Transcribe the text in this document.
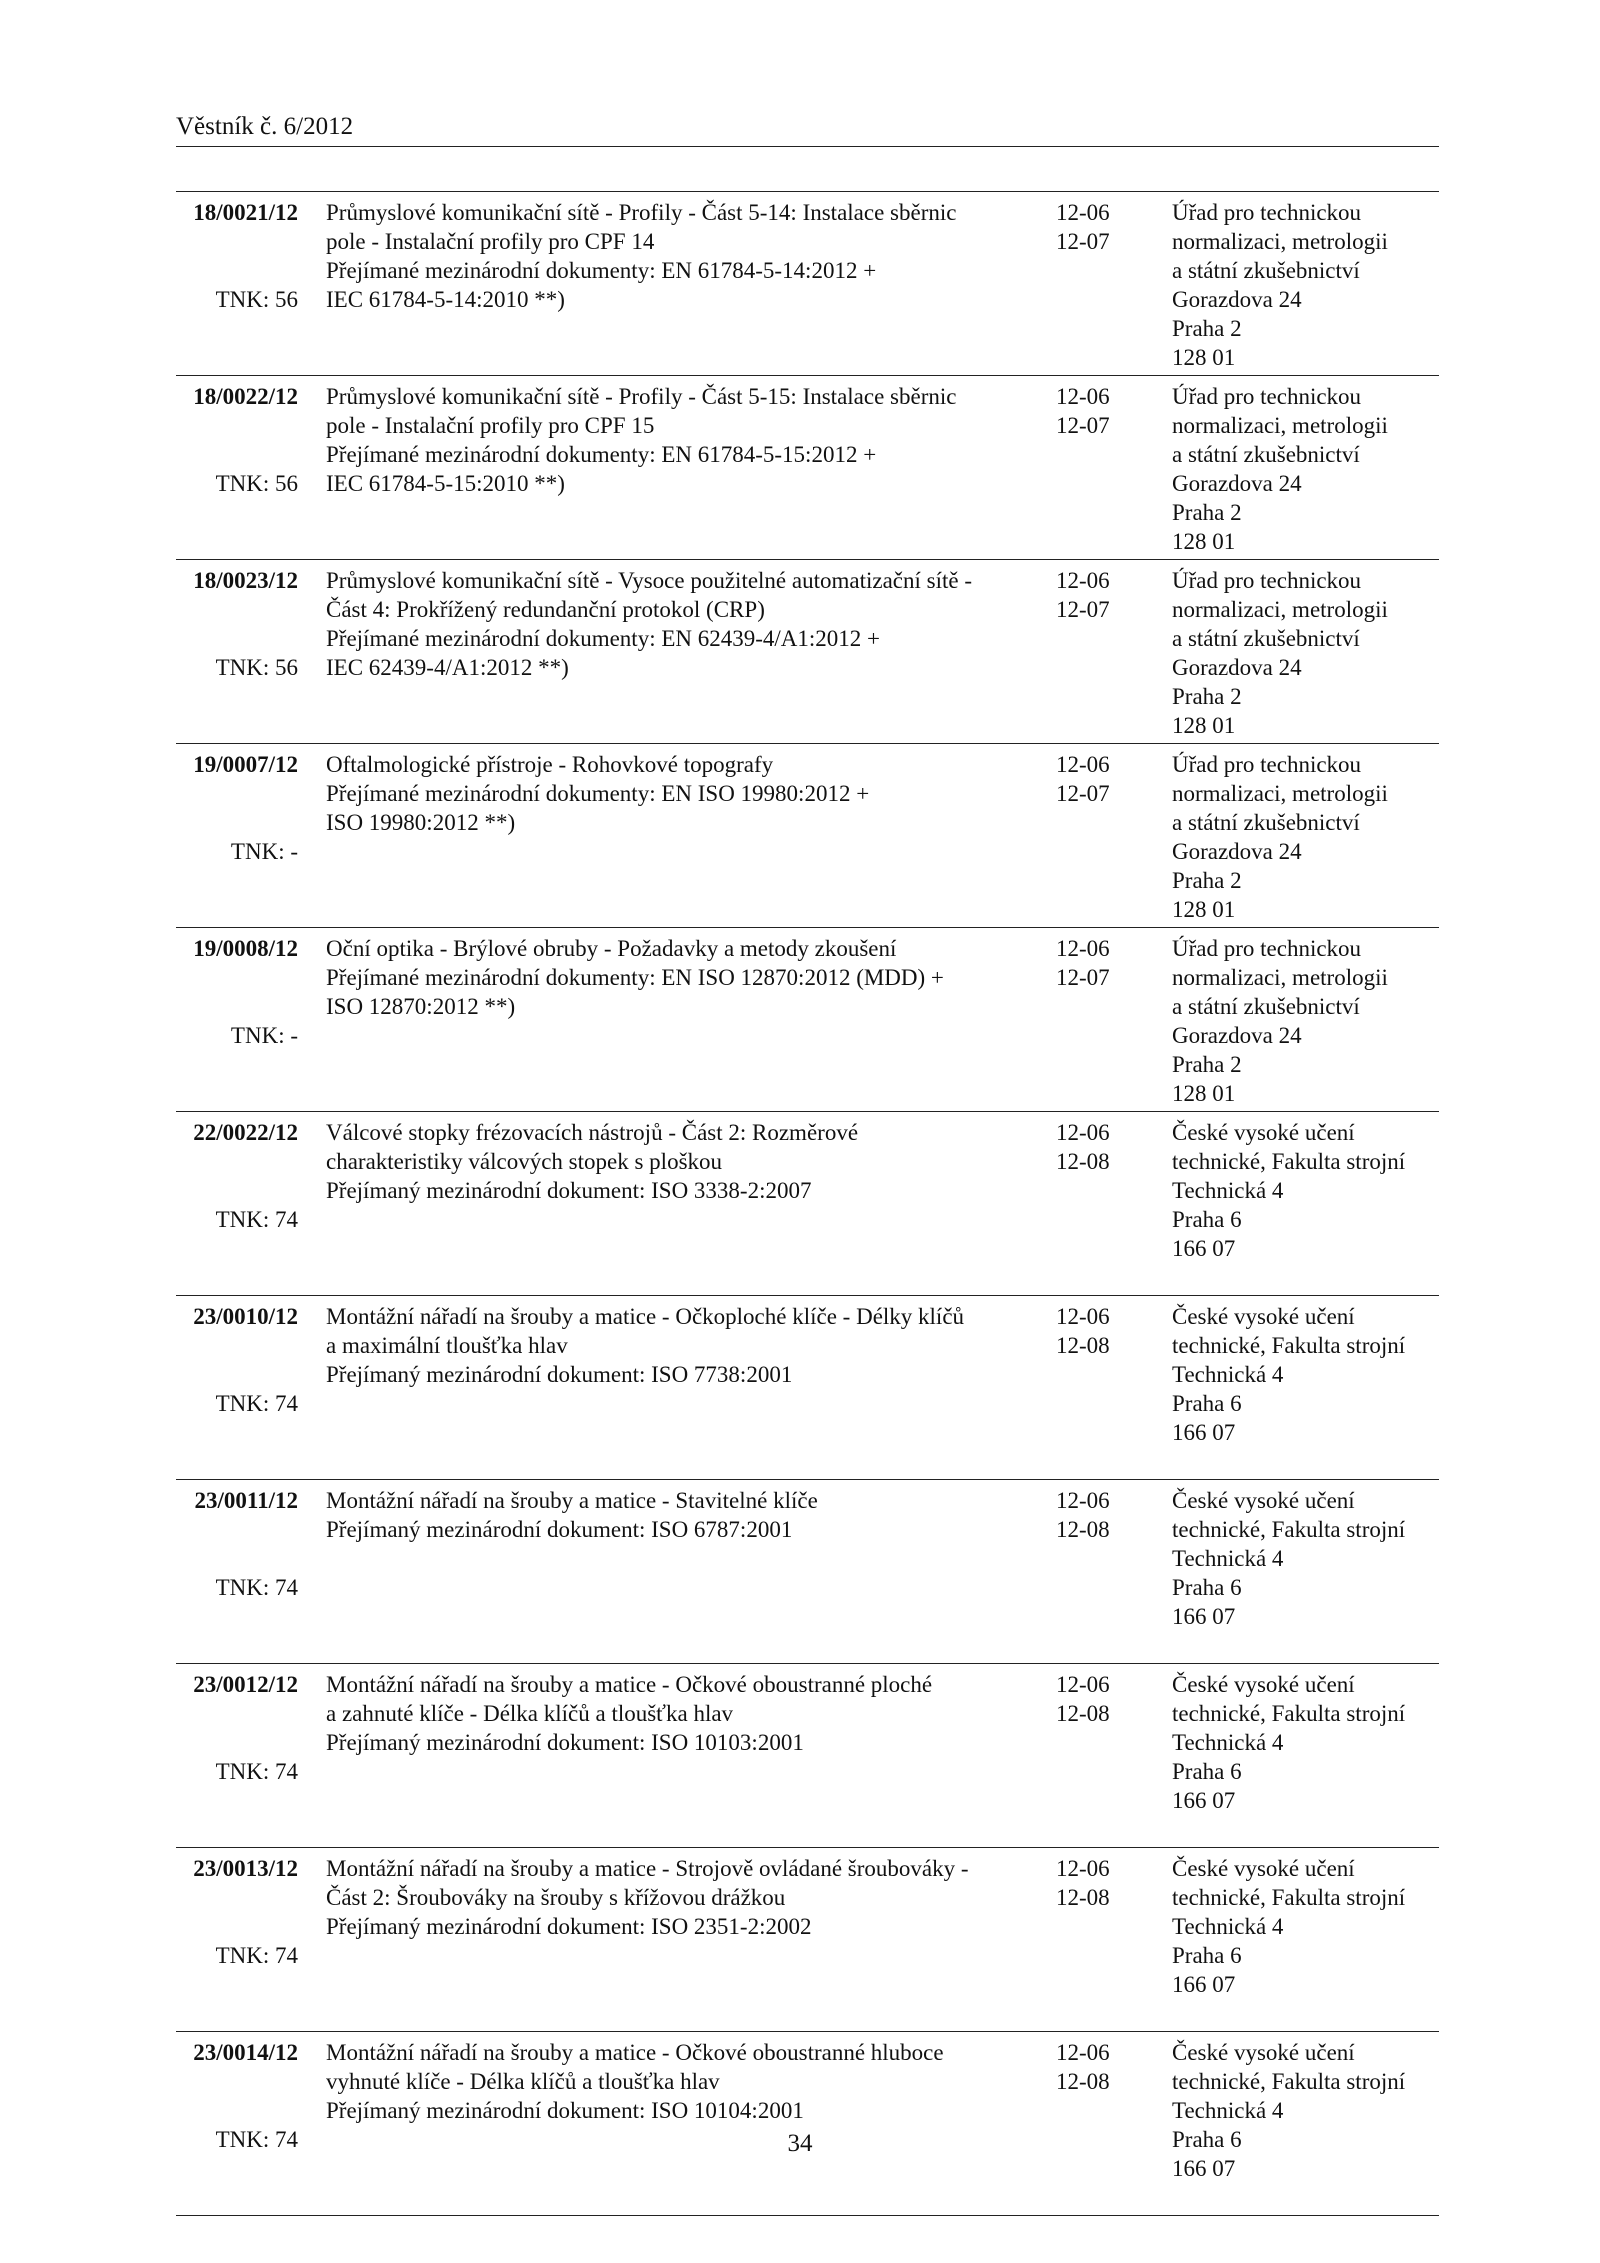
Věstník č. 6/2012
18/0021/12
TNK: 56
Průmyslové komunikační sítě - Profily - Část 5-14: Instalace sběrnic
pole - Instalační profily pro CPF 14
Přejímané mezinárodní dokumenty: EN 61784-5-14:2012 +
IEC 61784-5-14:2010 **)
12-06
12-07
Úřad pro technickou
normalizaci, metrologii
a státní zkušebnictví
Gorazdova 24
Praha 2
128 01
18/0022/12
TNK: 56
Průmyslové komunikační sítě - Profily - Část 5-15: Instalace sběrnic
pole - Instalační profily pro CPF 15
Přejímané mezinárodní dokumenty: EN 61784-5-15:2012 +
IEC 61784-5-15:2010 **)
12-06
12-07
Úřad pro technickou
normalizaci, metrologii
a státní zkušebnictví
Gorazdova 24
Praha 2
128 01
18/0023/12
TNK: 56
Průmyslové komunikační sítě - Vysoce použitelné automatizační sítě -
Část 4: Prokřížený redundanční protokol (CRP)
Přejímané mezinárodní dokumenty: EN 62439-4/A1:2012 +
IEC 62439-4/A1:2012 **)
12-06
12-07
Úřad pro technickou
normalizaci, metrologii
a státní zkušebnictví
Gorazdova 24
Praha 2
128 01
19/0007/12
TNK: -
Oftalmologické přístroje - Rohovkové topografy
Přejímané mezinárodní dokumenty: EN ISO 19980:2012 +
ISO 19980:2012 **)
12-06
12-07
Úřad pro technickou
normalizaci, metrologii
a státní zkušebnictví
Gorazdova 24
Praha 2
128 01
19/0008/12
TNK: -
Oční optika - Brýlové obruby - Požadavky a metody zkoušení
Přejímané mezinárodní dokumenty: EN ISO 12870:2012 (MDD) +
ISO 12870:2012 **)
12-06
12-07
Úřad pro technickou
normalizaci, metrologii
a státní zkušebnictví
Gorazdova 24
Praha 2
128 01
22/0022/12
TNK: 74
Válcové stopky frézovacích nástrojů - Část 2: Rozměrové
charakteristiky válcových stopek s ploškou
Přejímaný mezinárodní dokument: ISO 3338-2:2007
12-06
12-08
České vysoké učení
technické, Fakulta strojní
Technická 4
Praha 6
166 07
23/0010/12
TNK: 74
Montážní nářadí na šrouby a matice - Očkoploché klíče - Délky klíčů
a maximální tloušťka hlav
Přejímaný mezinárodní dokument: ISO 7738:2001
12-06
12-08
České vysoké učení
technické, Fakulta strojní
Technická 4
Praha 6
166 07
23/0011/12
TNK: 74
Montážní nářadí na šrouby a matice - Stavitelné klíče
Přejímaný mezinárodní dokument: ISO 6787:2001
12-06
12-08
České vysoké učení
technické, Fakulta strojní
Technická 4
Praha 6
166 07
23/0012/12
TNK: 74
Montážní nářadí na šrouby a matice - Očkové oboustranné ploché
a zahnuté klíče - Délka klíčů a tloušťka hlav
Přejímaný mezinárodní dokument: ISO 10103:2001
12-06
12-08
České vysoké učení
technické, Fakulta strojní
Technická 4
Praha 6
166 07
23/0013/12
TNK: 74
Montážní nářadí na šrouby a matice - Strojově ovládané šroubováky -
Část 2: Šroubováky na šrouby s křížovou drážkou
Přejímaný mezinárodní dokument: ISO 2351-2:2002
12-06
12-08
České vysoké učení
technické, Fakulta strojní
Technická 4
Praha 6
166 07
23/0014/12
TNK: 74
Montážní nářadí na šrouby a matice - Očkové oboustranné hluboce
vyhnuté klíče - Délka klíčů a tloušťka hlav
Přejímaný mezinárodní dokument: ISO 10104:2001
12-06
12-08
České vysoké učení
technické, Fakulta strojní
Technická 4
Praha 6
166 07
34
